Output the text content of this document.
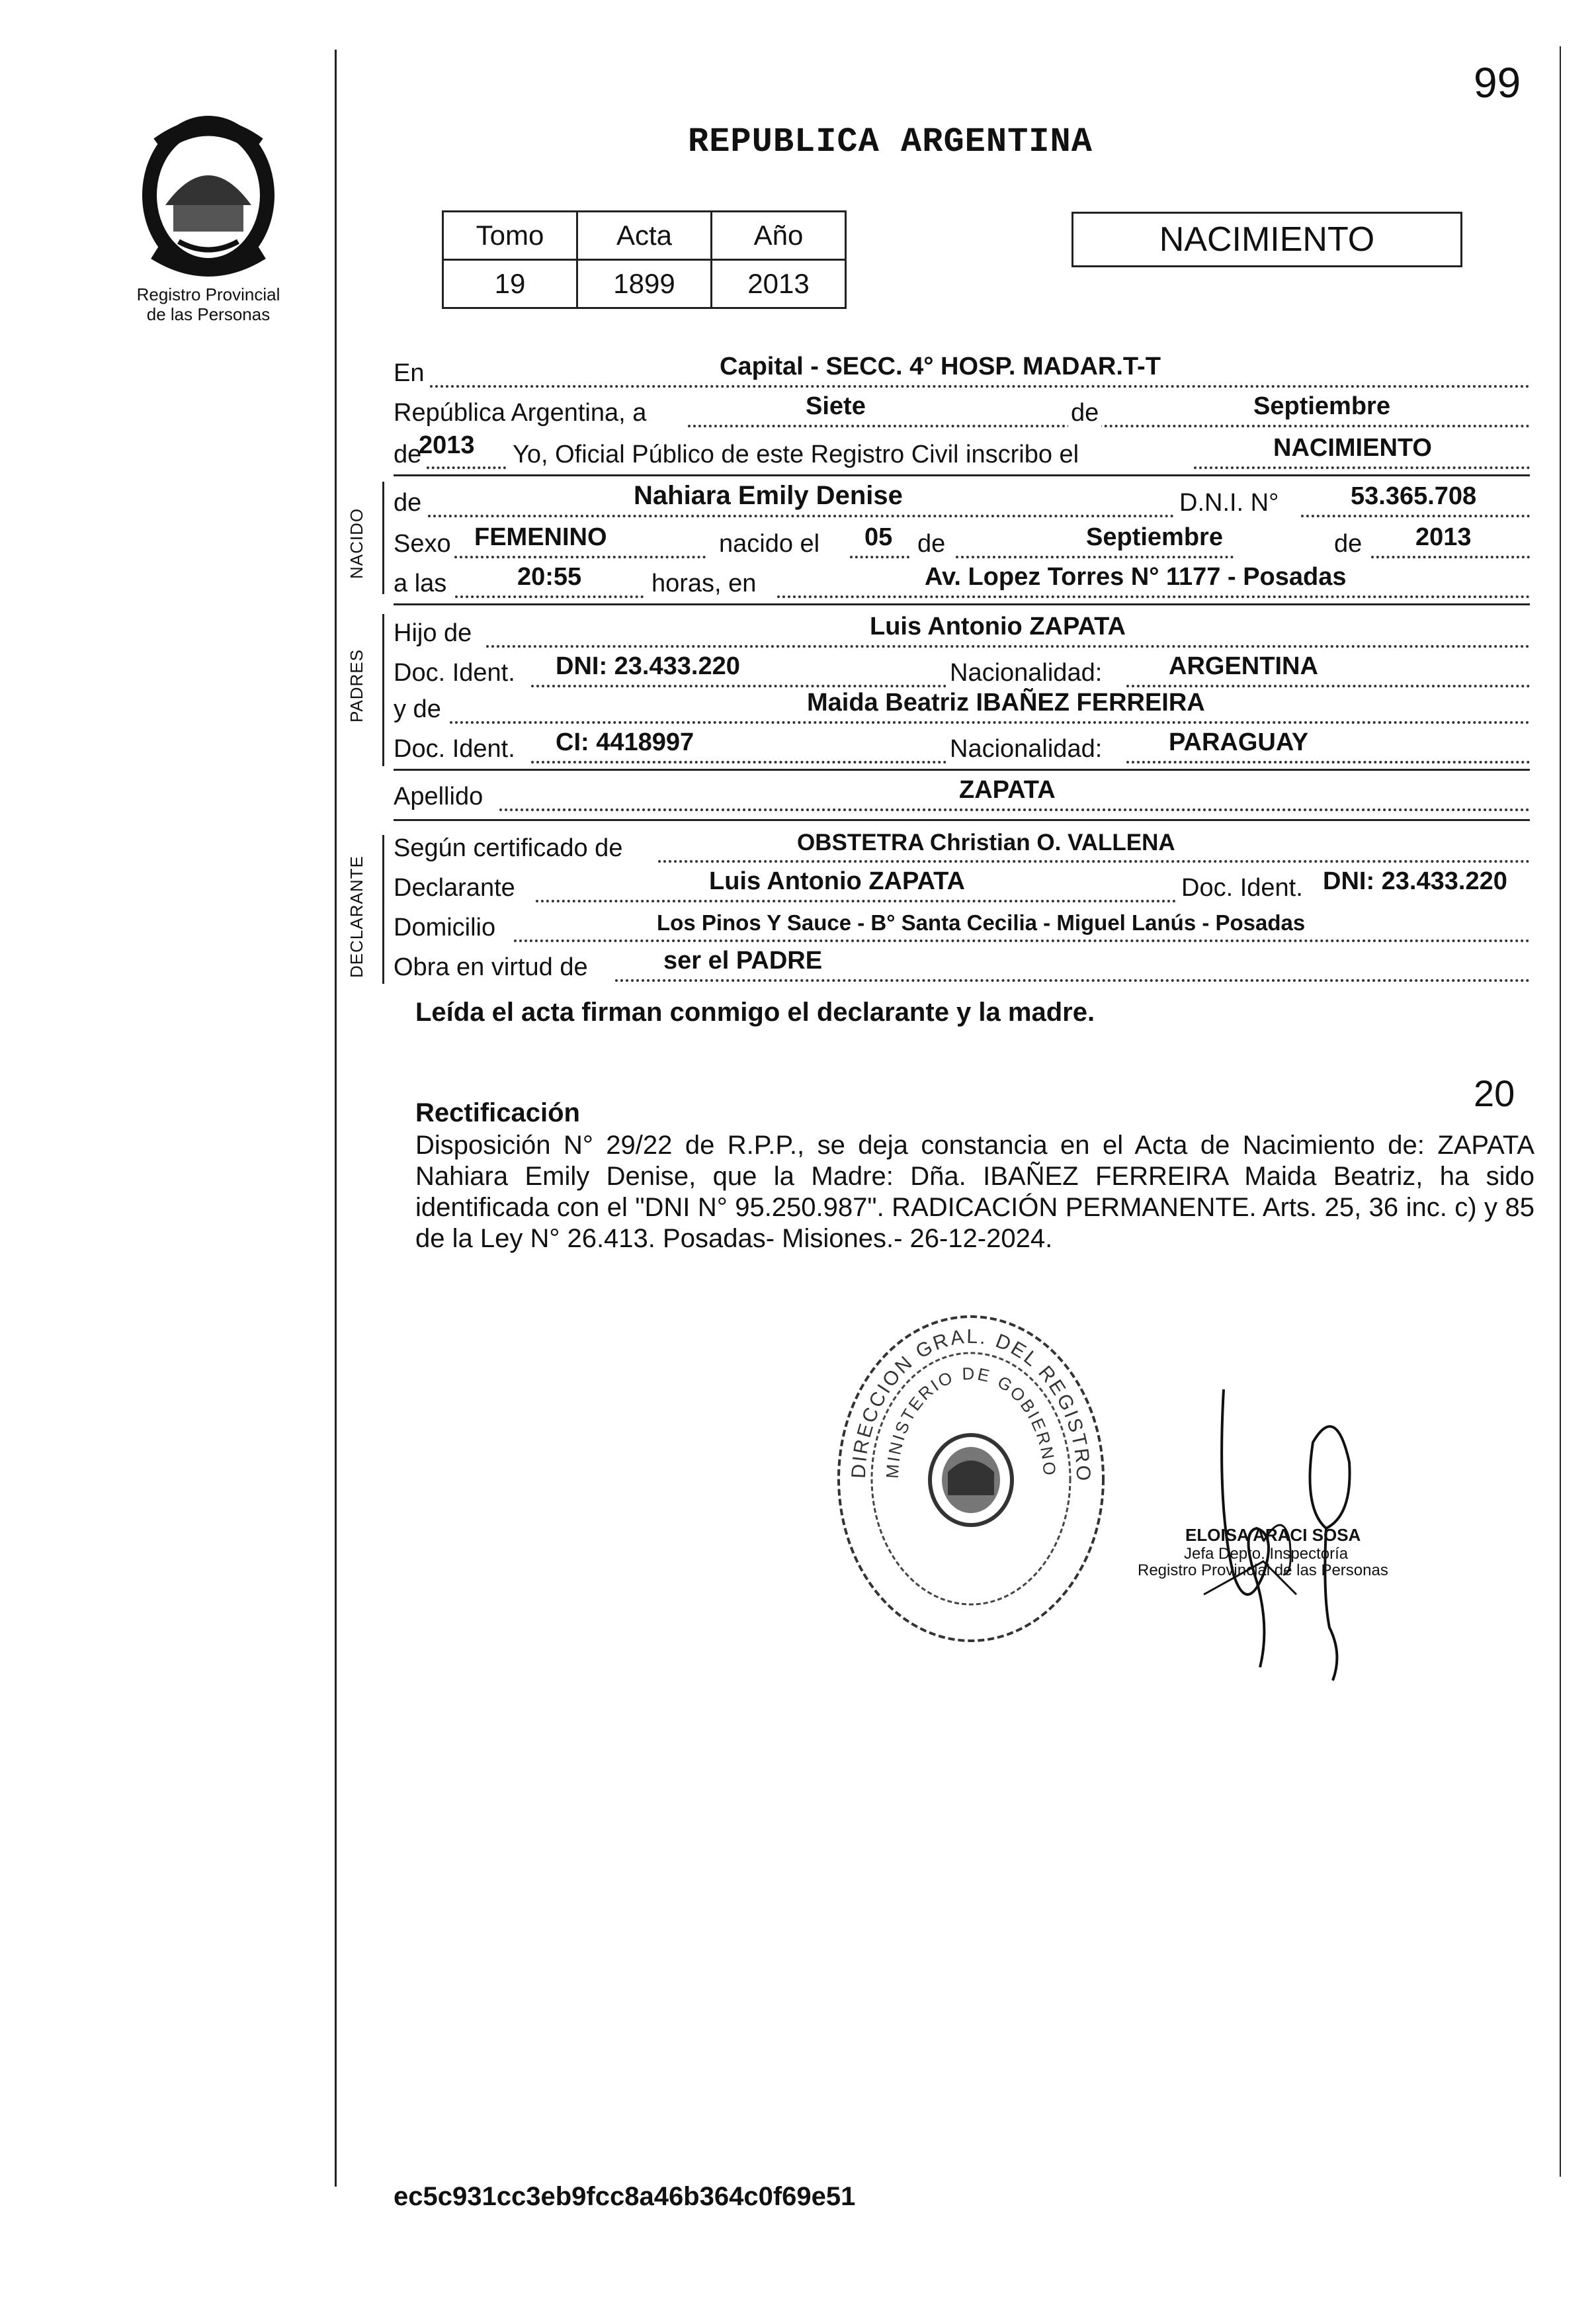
Registro Provincial
de las Personas
REPUBLICA ARGENTINA
99
Tomo	Acta	Año
19	1899	2013
NACIMIENTO
En	Capital - SECC. 4° HOSP. MADAR.T-T
República Argentina, a	Siete	de	Septiembre
de
2013 Yo, Oficial Público de este Registro Civil inscribo el	NACIMIENTO
NACIDO
de	Nahiara Emily Denise	D.N.I. N°	53.365.708
Sexo FEMENINO	nacido el 05 de	Septiembre	de 2013
a las	20:55	horas, en	Av. Lopez Torres N° 1177 - Posadas
PADRES
Hijo de	Luis Antonio ZAPATA
Doc. Ident. DNI: 23.433.220	Nacionalidad:	ARGENTINA
y de	Maida Beatriz IBAÑEZ FERREIRA
Doc. Ident. CI: 4418997	Nacionalidad:	PARAGUAY
Apellido	ZAPATA
DECLARANTE
Según certificado de	OBSTETRA Christian O. VALLENA
Declarante	Luis Antonio ZAPATA	Doc. Ident. DNI: 23.433.220
Domicilio	Los Pinos Y Sauce - B° Santa Cecilia - Miguel Lanús - Posadas
Obra en virtud de	ser el PADRE
Leída el acta firman conmigo el declarante y la madre.
20
Rectificación
Disposición N° 29/22 de R.P.P., se deja constancia en el Acta de Nacimiento de: ZAPATA Nahiara Emily Denise, que la Madre: Dña. IBAÑEZ FERREIRA Maida Beatriz, ha sido identificada con el "DNI N° 95.250.987". RADICACIÓN PERMANENTE. Arts. 25, 36 inc. c) y 85 de la Ley N° 26.413. Posadas- Misiones.- 26-12-2024.
DIRECCION GRAL. DEL REGISTRO
MINISTERIO DE GOBIERNO
ELOISA ARACI SOSA
Jefa Depto. Inspectoría
Registro Provincial de las Personas
ec5c931cc3eb9fcc8a46b364c0f69e51
